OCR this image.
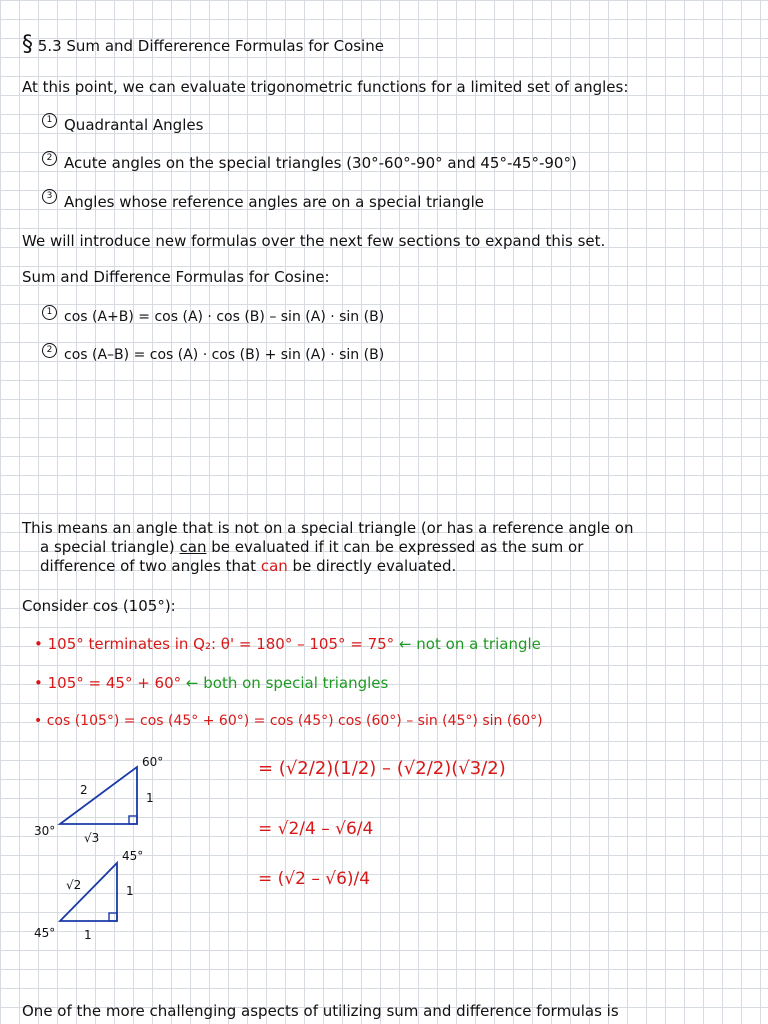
§ 5.3 Sum and Differerence Formulas for Cosine
At this point, we can evaluate trigonometric functions for a limited set of angles:
1 Quadrantal Angles
2 Acute angles on the special triangles (30°-60°-90° and 45°-45°-90°)
3 Angles whose reference angles are on a special triangle
We will introduce new formulas over the next few sections to expand this set.
Sum and Difference Formulas for Cosine:
1 cos (A+B) = cos (A) · cos (B) – sin (A) · sin (B)
2 cos (A–B) = cos (A) · cos (B) + sin (A) · sin (B)
This means an angle that is not on a special triangle (or has a reference angle on
a special triangle) can be evaluated if it can be expressed as the sum or
difference of two angles that can be directly evaluated.
Consider cos (105°):
• 105° terminates in Q₂: θ' = 180° – 105° = 75° ← not on a triangle
• 105° = 45° + 60° ← both on special triangles
• cos (105°) = cos (45° + 60°) = cos (45°) cos (60°) – sin (45°) sin (60°)
= (√2/2)(1/2) – (√2/2)(√3/2)
= √2/4 – √6/4
= (√2 – √6)/4
60°
30°
2
1
√3
45°
45°
√2	1
1
One of the more challenging aspects of utilizing sum and difference formulas is
